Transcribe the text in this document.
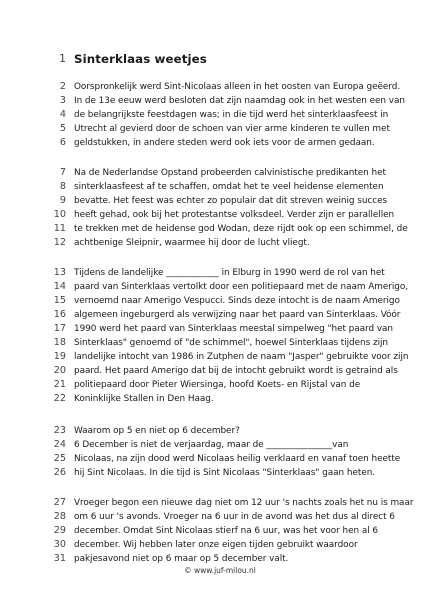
1 Sinterklaas weetjes
2 Oorspronkelijk werd Sint-Nicolaas alleen in het oosten van Europa geëerd.
3 In de 13e eeuw werd besloten dat zijn naamdag ook in het westen een van
4 de belangrijkste feestdagen was; in die tijd werd het sinterklaasfeest in
5 Utrecht al gevierd door de schoen van vier arme kinderen te vullen met
6 geldstukken, in andere steden werd ook iets voor de armen gedaan.
7 Na de Nederlandse Opstand probeerden calvinistische predikanten het
8 sinterklaasfeest af te schaffen, omdat het te veel heidense elementen
9 bevatte. Het feest was echter zo populair dat dit streven weinig succes
10 heeft gehad, ook bij het protestantse volksdeel. Verder zijn er parallellen
11 te trekken met de heidense god Wodan, deze rijdt ook op een schimmel, de
12 achtbenige Sleipnir, waarmee hij door de lucht vliegt.
13 Tijdens de landelijke ____________ in Elburg in 1990 werd de rol van het
14 paard van Sinterklaas vertolkt door een politiepaard met de naam Amerigo,
15 vernoemd naar Amerigo Vespucci. Sinds deze intocht is de naam Amerigo
16 algemeen ingeburgerd als verwijzing naar het paard van Sinterklaas. Vóór
17 1990 werd het paard van Sinterklaas meestal simpelweg "het paard van
18 Sinterklaas" genoemd of "de schimmel", hoewel Sinterklaas tijdens zijn
19 landelijke intocht van 1986 in Zutphen de naam "Jasper" gebruikte voor zijn
20 paard. Het paard Amerigo dat bij de intocht gebruikt wordt is getraind als
21 politiepaard door Pieter Wiersinga, hoofd Koets- en Rijstal van de
22 Koninklijke Stallen in Den Haag.
23 Waarom op 5 en niet op 6 december?
24 6 December is niet de verjaardag, maar de _______________van
25 Nicolaas, na zijn dood werd Nicolaas heilig verklaard en vanaf toen heette
26 hij Sint Nicolaas. In die tijd is Sint Nicolaas "Sinterklaas" gaan heten.
27 Vroeger begon een nieuwe dag niet om 12 uur 's nachts zoals het nu is maar
28 om 6 uur 's avonds. Vroeger na 6 uur in de avond was het dus al direct 6
29 december. Omdat Sint Nicolaas stierf na 6 uur, was het voor hen al 6
30 december. Wij hebben later onze eigen tijden gebruikt waardoor
31 pakjesavond niet op 6 maar op 5 december valt.
© www.juf-milou.nl
